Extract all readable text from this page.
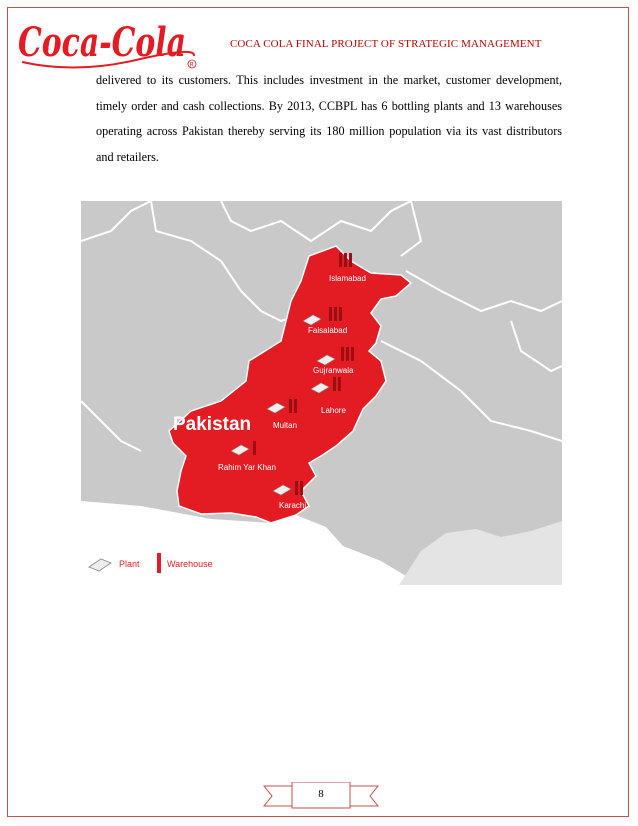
Coca-Cola R
COCA COLA FINAL PROJECT OF STRATEGIC MANAGEMENT

delivered to its customers. This includes investment in the market, customer development, timely order and cash collections. By 2013, CCBPL has 6 bottling plants and 13 warehouses operating across Pakistan thereby serving its 180 million population via its vast distributors and retailers.

Pakistan
Islamabad
Faisalabad
Gujranwala
Lahore
Multan
Rahim Yar Khan
Karachi
Plant	Warehouse
8
